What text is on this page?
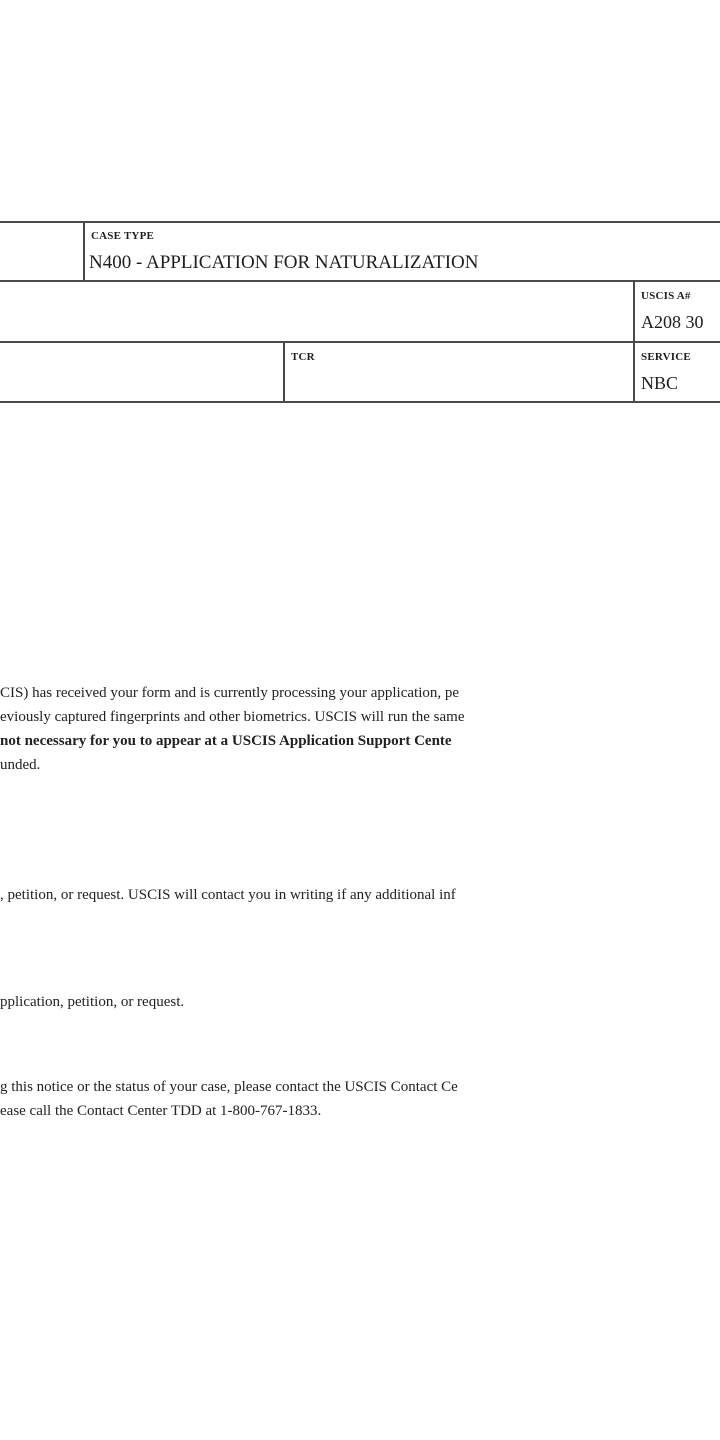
CASE TYPE
N400 - APPLICATION FOR NATURALIZATION
USCIS A#
A208 30
TCR	SERVICE
NBC
CIS) has received your form and is currently processing your application, pe
eviously captured fingerprints and other biometrics. USCIS will run the same
not necessary for you to appear at a USCIS Application Support Cente
unded.
, petition, or request. USCIS will contact you in writing if any additional inf
pplication, petition, or request.
g this notice or the status of your case, please contact the USCIS Contact Ce
ease call the Contact Center TDD at 1-800-767-1833.
